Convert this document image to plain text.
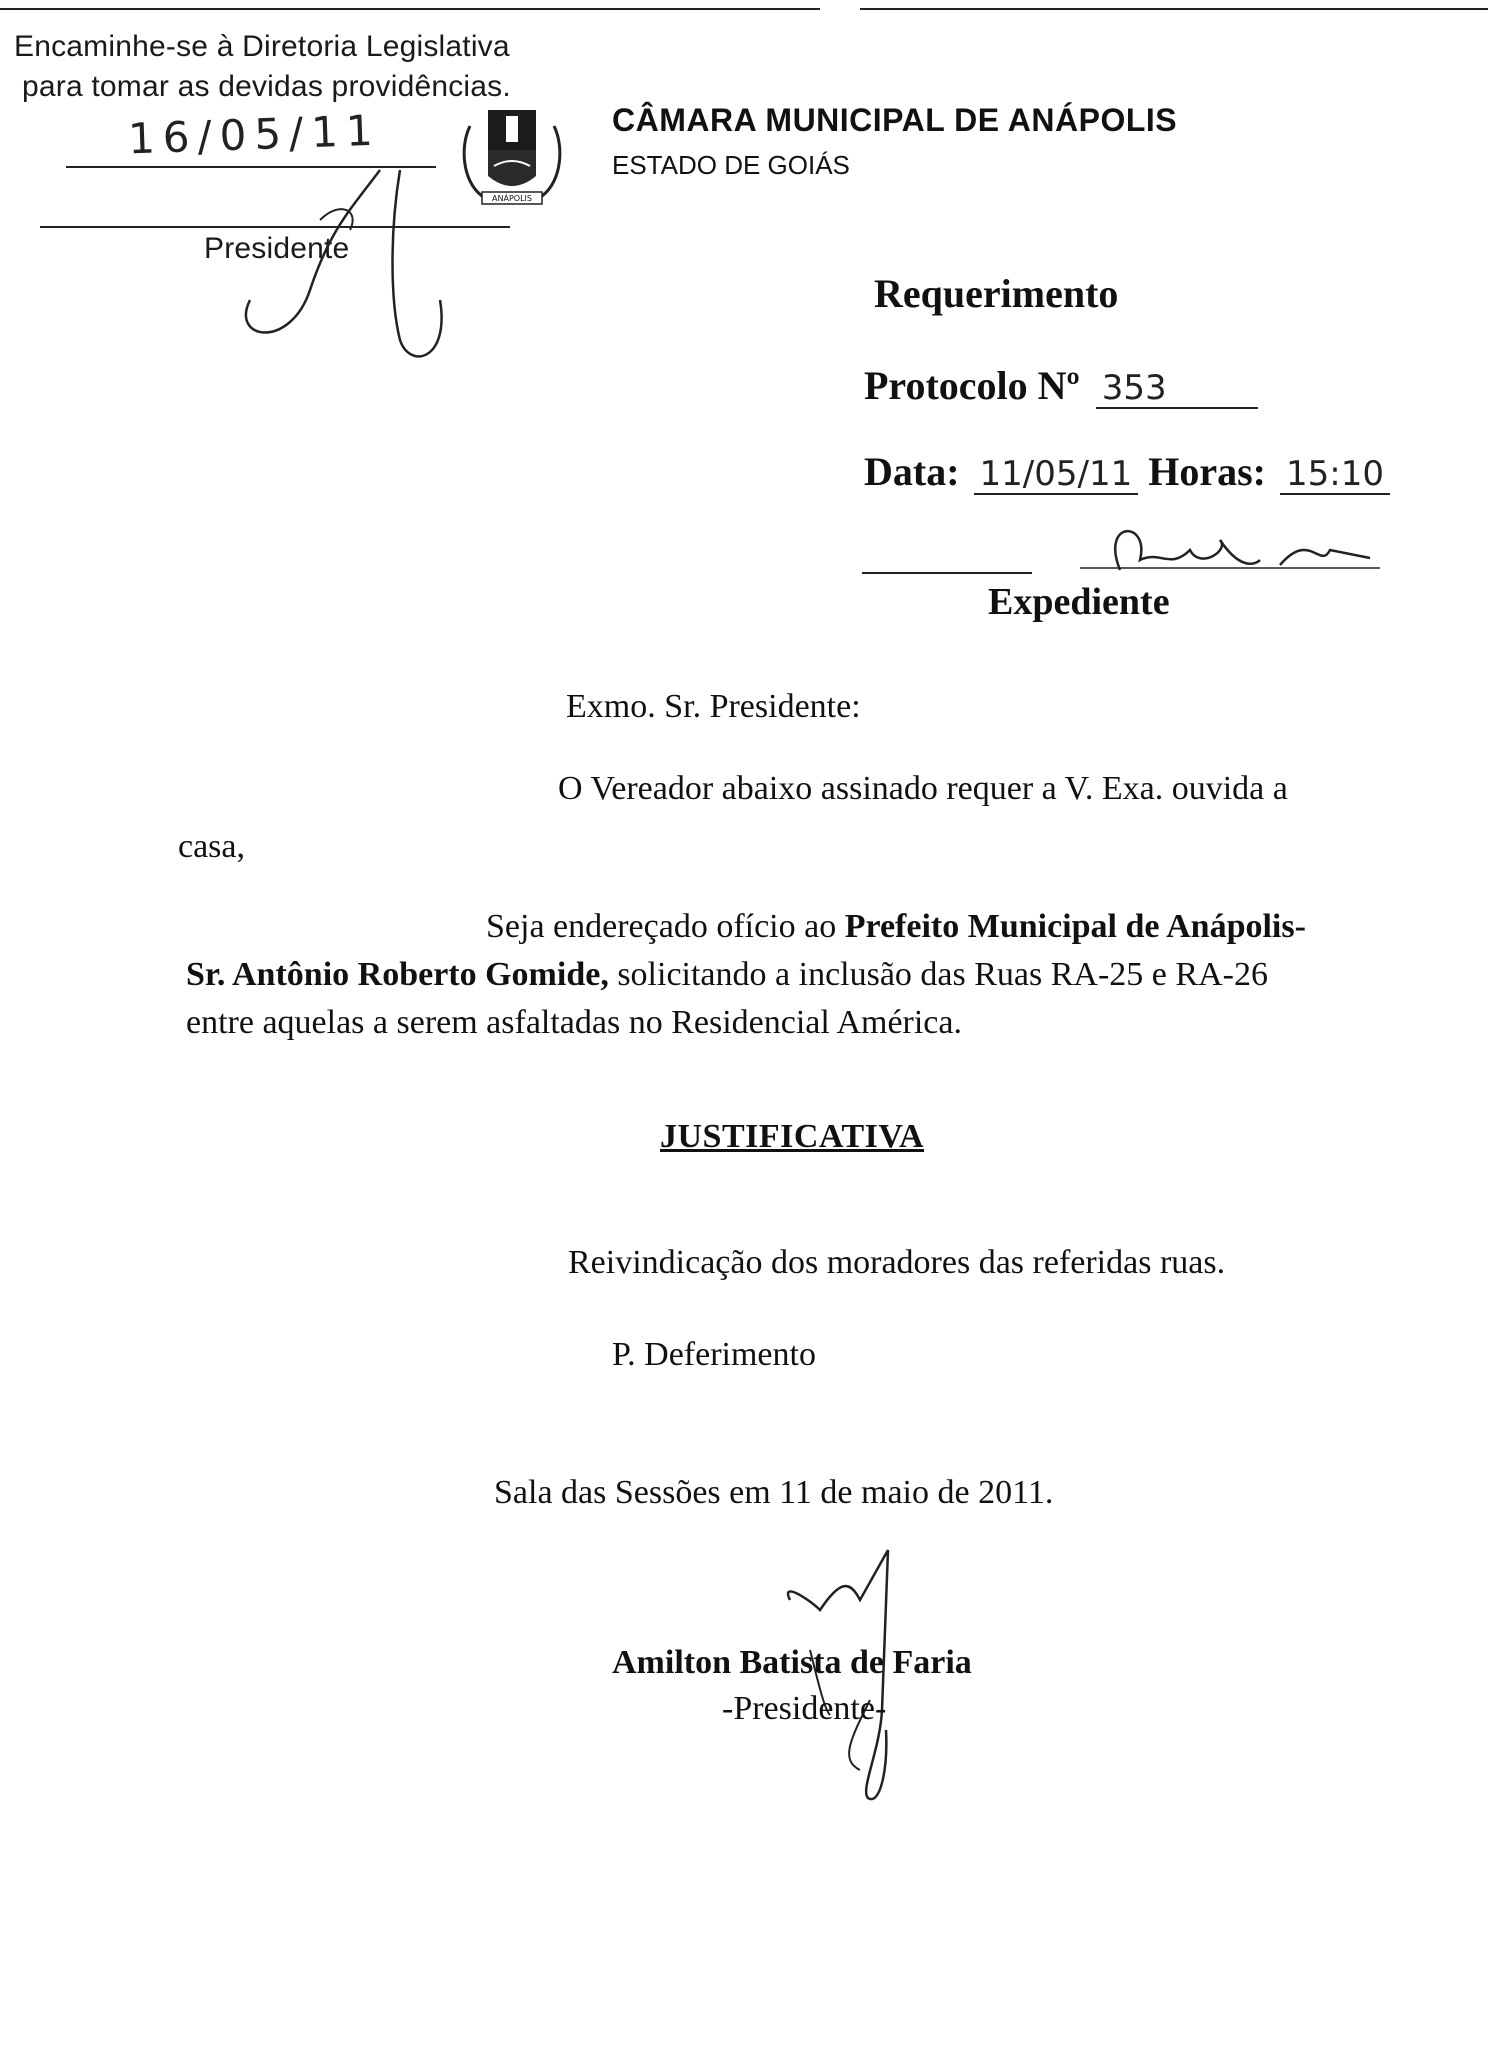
Encaminhe-se à Diretoria Legislativa
para tomar as devidas providências.
16/05/11
Presidente
ANÁPOLIS
CÂMARA MUNICIPAL DE ANÁPOLIS
ESTADO DE GOIÁS
Requerimento
Protocolo Nº 353
Data: 11/05/11 Horas: 15:10
Expediente
Exmo. Sr. Presidente:
O Vereador abaixo assinado requer a V. Exa. ouvida a
casa,
Seja endereçado ofício ao Prefeito Municipal de Anápolis-
Sr. Antônio Roberto Gomide, solicitando a inclusão das Ruas RA-25 e RA-26
entre aquelas a serem asfaltadas no Residencial América.
JUSTIFICATIVA
Reivindicação dos moradores das referidas ruas.
P. Deferimento
Sala das Sessões em 11 de maio de 2011.
Amilton Batista de Faria
-Presidente-
